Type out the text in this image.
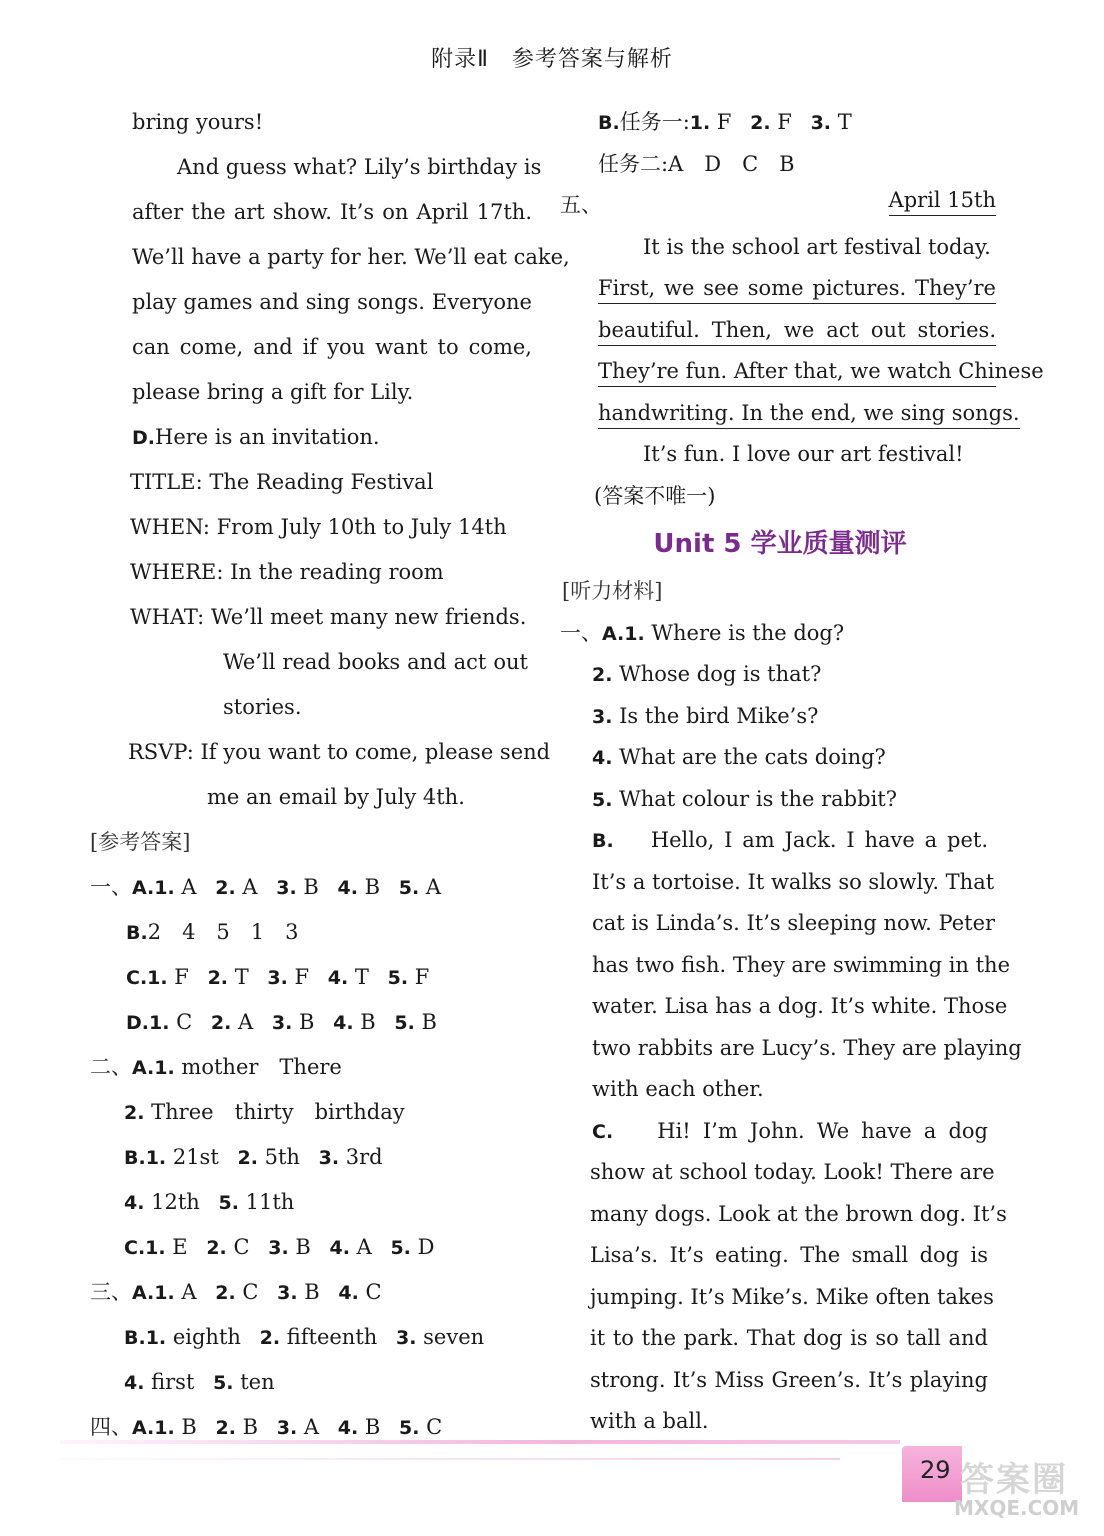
附录Ⅱ　参考答案与解析
bring yours!
And guess what? Lily’s birthday is
after the art show. It’s on April 17th.
We’ll have a party for her. We’ll eat cake,
play games and sing songs. Everyone
can come, and if you want to come,
please bring a gift for Lily.
D.Here is an invitation.
TITLE: The Reading Festival
WHEN: From July 10th to July 14th
WHERE: In the reading room
WHAT: We’ll meet many new friends.
We’ll read books and act out
stories.
RSVP: If you want to come, please send
me an email by July 4th.
[参考答案]
一、A.1. A 2. A 3. B 4. B 5. A
B.2　4　5　1　3
C.1. F 2. T 3. F 4. T 5. F
D.1. C 2. A 3. B 4. B 5. B
二、A.1. mother　There
2. Three　thirty　birthday
B.1. 21st 2. 5th 3. 3rd
4. 12th 5. 11th
C.1. E 2. C 3. B 4. A 5. D
三、A.1. A 2. C 3. B 4. C
B.1. eighth 2. fifteenth 3. seven
4. first 5. ten
四、A.1. B 2. B 3. A 4. B 5. C
B.任务一:1. F 2. F 3. T
任务二:A　D　C　B
五、	April 15th
It is the school art festival today.
First, we see some pictures. They’re
beautiful. Then, we act out stories.
They’re fun. After that, we watch Chinese
handwriting. In the end, we sing songs.
It’s fun. I love our art festival!
(答案不唯一)
Unit 5 学业质量测评
[听力材料]
一、A.1. Where is the dog?
2. Whose dog is that?
3. Is the bird Mike’s?
4. What are the cats doing?
5. What colour is the rabbit?
B.　 Hello, I am Jack. I have a pet.
It’s a tortoise. It walks so slowly. That
cat is Linda’s. It’s sleeping now. Peter
has two fish. They are swimming in the
water. Lisa has a dog. It’s white. Those
two rabbits are Lucy’s. They are playing
with each other.
C.　 Hi! I’m John. We have a dog
show at school today. Look! There are
many dogs. Look at the brown dog. It’s
Lisa’s. It’s eating. The small dog is
jumping. It’s Mike’s. Mike often takes
it to the park. That dog is so tall and
strong. It’s Miss Green’s. It’s playing
with a ball.
29 答案圈
MXQE.COM
